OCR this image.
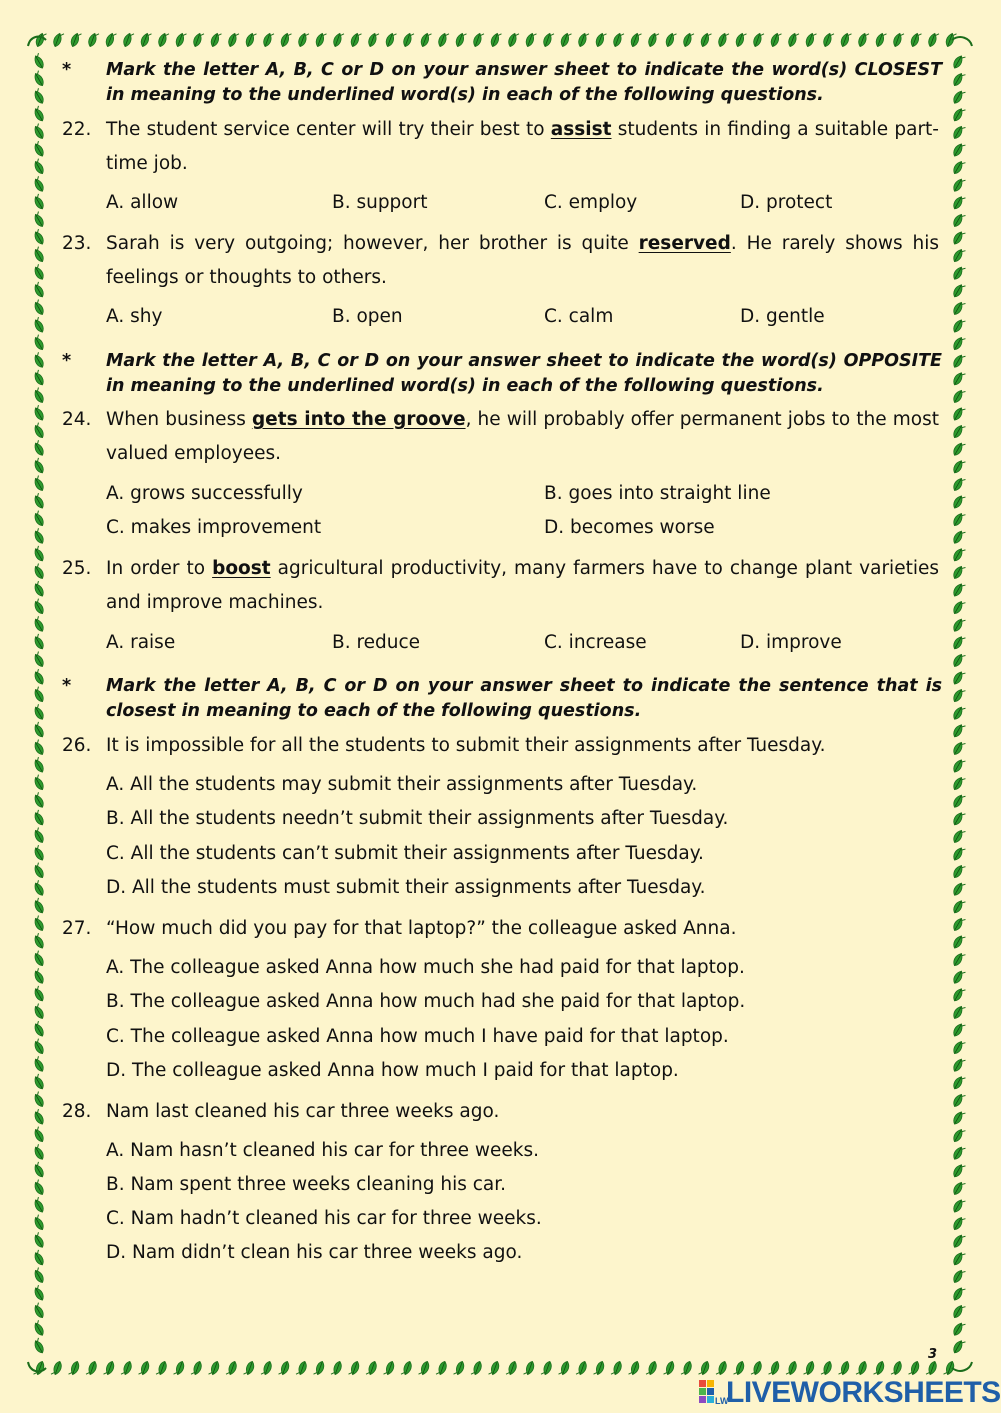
*	Mark the letter A, B, C or D on your answer sheet to indicate the word(s) CLOSEST in meaning to the underlined word(s) in each of the following questions.
22. The student service center will try their best to assist students in finding a suitable part-time job.
A. allow	B. support	C. employ	D. protect
23. Sarah is very outgoing; however, her brother is quite reserved. He rarely shows his feelings or thoughts to others.
A. shy	B. open	C. calm	D. gentle
*	Mark the letter A, B, C or D on your answer sheet to indicate the word(s) OPPOSITE in meaning to the underlined word(s) in each of the following questions.
24. When business gets into the groove, he will probably offer permanent jobs to the most valued employees.
A. grows successfully	B. goes into straight line
C. makes improvement	D. becomes worse
25. In order to boost agricultural productivity, many farmers have to change plant varieties and improve machines.
A. raise	B. reduce	C. increase	D. improve
*	Mark the letter A, B, C or D on your answer sheet to indicate the sentence that is closest in meaning to each of the following questions.
26. It is impossible for all the students to submit their assignments after Tuesday.
A. All the students may submit their assignments after Tuesday.
B. All the students needn’t submit their assignments after Tuesday.
C. All the students can’t submit their assignments after Tuesday.
D. All the students must submit their assignments after Tuesday.
27. “How much did you pay for that laptop?” the colleague asked Anna.
A. The colleague asked Anna how much she had paid for that laptop.
B. The colleague asked Anna how much had she paid for that laptop.
C. The colleague asked Anna how much I have paid for that laptop.
D. The colleague asked Anna how much I paid for that laptop.
28. Nam last cleaned his car three weeks ago.
A. Nam hasn’t cleaned his car for three weeks.
B. Nam spent three weeks cleaning his car.
C. Nam hadn’t cleaned his car for three weeks.
D. Nam didn’t clean his car three weeks ago.
3
LW
LIVEWORKSHEETS
